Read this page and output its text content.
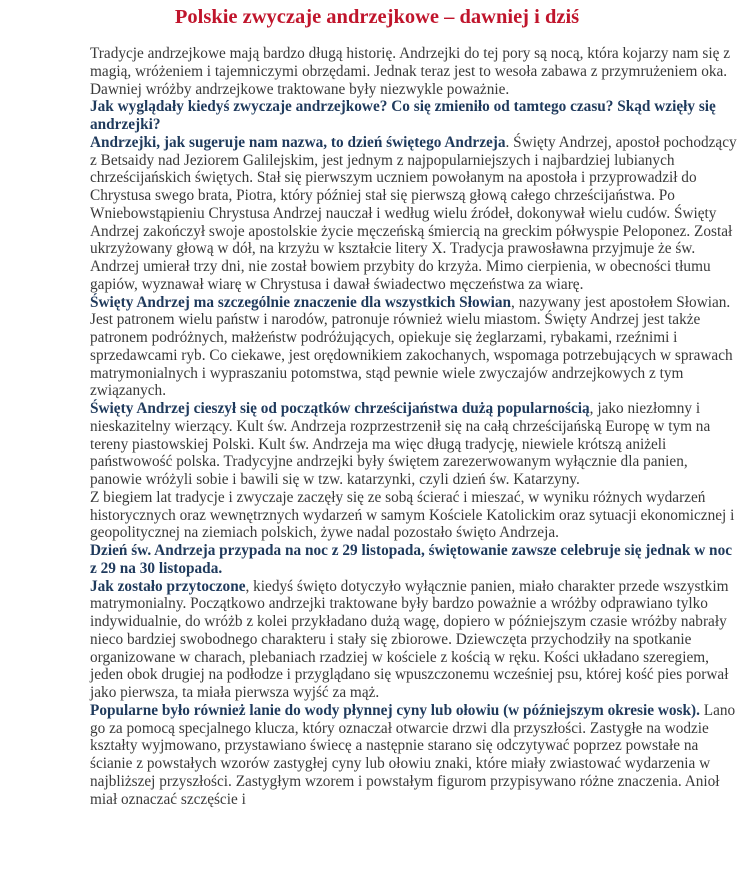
Polskie zwyczaje andrzejkowe – dawniej i dziś

Tradycje andrzejkowe mają bardzo długą historię. Andrzejki do tej pory są nocą, która kojarzy nam się z magią, wróżeniem i tajemniczymi obrzędami. Jednak teraz jest to wesoła zabawa z przymrużeniem oka. Dawniej wróżby andrzejkowe traktowane były niezwykle poważnie.

Jak wyglądały kiedyś zwyczaje andrzejkowe? Co się zmieniło od tamtego czasu? Skąd wzięły się andrzejki?

Andrzejki, jak sugeruje nam nazwa, to dzień świętego Andrzeja. Święty Andrzej, apostoł pochodzący z Betsaidy nad Jeziorem Galilejskim, jest jednym z najpopularniejszych i najbardziej lubianych chrześcijańskich świętych. Stał się pierwszym uczniem powołanym na apostoła i przyprowadził do Chrystusa swego brata, Piotra, który później stał się pierwszą głową całego chrześcijaństwa. Po Wniebowstąpieniu Chrystusa Andrzej nauczał i według wielu źródeł, dokonywał wielu cudów. Święty Andrzej zakończył swoje apostolskie życie męczeńską śmiercią na greckim półwyspie Peloponez. Został ukrzyżowany głową w dół, na krzyżu w kształcie litery X. Tradycja prawosławna przyjmuje że św. Andrzej umierał trzy dni, nie został bowiem przybity do krzyża. Mimo cierpienia, w obecności tłumu gapiów, wyznawał wiarę w Chrystusa i dawał świadectwo męczeństwa za wiarę.

Święty Andrzej ma szczególnie znaczenie dla wszystkich Słowian, nazywany jest apostołem Słowian. Jest patronem wielu państw i narodów, patronuje również wielu miastom. Święty Andrzej jest także patronem podróżnych, małżeństw podróżujących, opiekuje się żeglarzami, rybakami, rzeźnimi i sprzedawcami ryb. Co ciekawe, jest orędownikiem zakochanych, wspomaga potrzebujących w sprawach matrymonialnych i wypraszaniu potomstwa, stąd pewnie wiele zwyczajów andrzejkowych z tym związanych.

Święty Andrzej cieszył się od początków chrześcijaństwa dużą popularnością, jako niezłomny i nieskazitelny wierzący. Kult św. Andrzeja rozprzestrzenił się na całą chrześcijańską Europę w tym na tereny piastowskiej Polski. Kult św. Andrzeja ma więc długą tradycję, niewiele krótszą aniżeli państwowość polska. Tradycyjne andrzejki były świętem zarezerwowanym wyłącznie dla panien, panowie wróżyli sobie i bawili się w tzw. katarzynki, czyli dzień św. Katarzyny.

Z biegiem lat tradycje i zwyczaje zaczęły się ze sobą ścierać i mieszać, w wyniku różnych wydarzeń historycznych oraz wewnętrznych wydarzeń w samym Kościele Katolickim oraz sytuacji ekonomicznej i geopolitycznej na ziemiach polskich, żywe nadal pozostało święto Andrzeja.

Dzień św. Andrzeja przypada na noc z 29 listopada, świętowanie zawsze celebruje się jednak w noc z 29 na 30 listopada.

Jak zostało przytoczone, kiedyś święto dotyczyło wyłącznie panien, miało charakter przede wszystkim matrymonialny. Początkowo andrzejki traktowane były bardzo poważnie a wróżby odprawiano tylko indywidualnie, do wróżb z kolei przykładano dużą wagę, dopiero w późniejszym czasie wróżby nabrały nieco bardziej swobodnego charakteru i stały się zbiorowe. Dziewczęta przychodziły na spotkanie organizowane w charach, plebaniach rzadziej w kościele z kością w ręku. Kości układano szeregiem, jeden obok drugiej na podłodze i przyglądano się wpuszczonemu wcześniej psu, której kość pies porwał jako pierwsza, ta miała pierwsza wyjść za mąż.

Popularne było również lanie do wody płynnej cyny lub ołowiu (w późniejszym okresie wosk). Lano go za pomocą specjalnego klucza, który oznaczał otwarcie drzwi dla przyszłości. Zastygłe na wodzie kształty wyjmowano, przystawiano świecę a następnie starano się odczytywać poprzez powstałe na ścianie z powstałych wzorów zastygłej cyny lub ołowiu znaki, które miały zwiastować wydarzenia w najbliższej przyszłości. Zastygłym wzorem i powstałym figurom przypisywano różne znaczenia. Anioł miał oznaczać szczęście i
